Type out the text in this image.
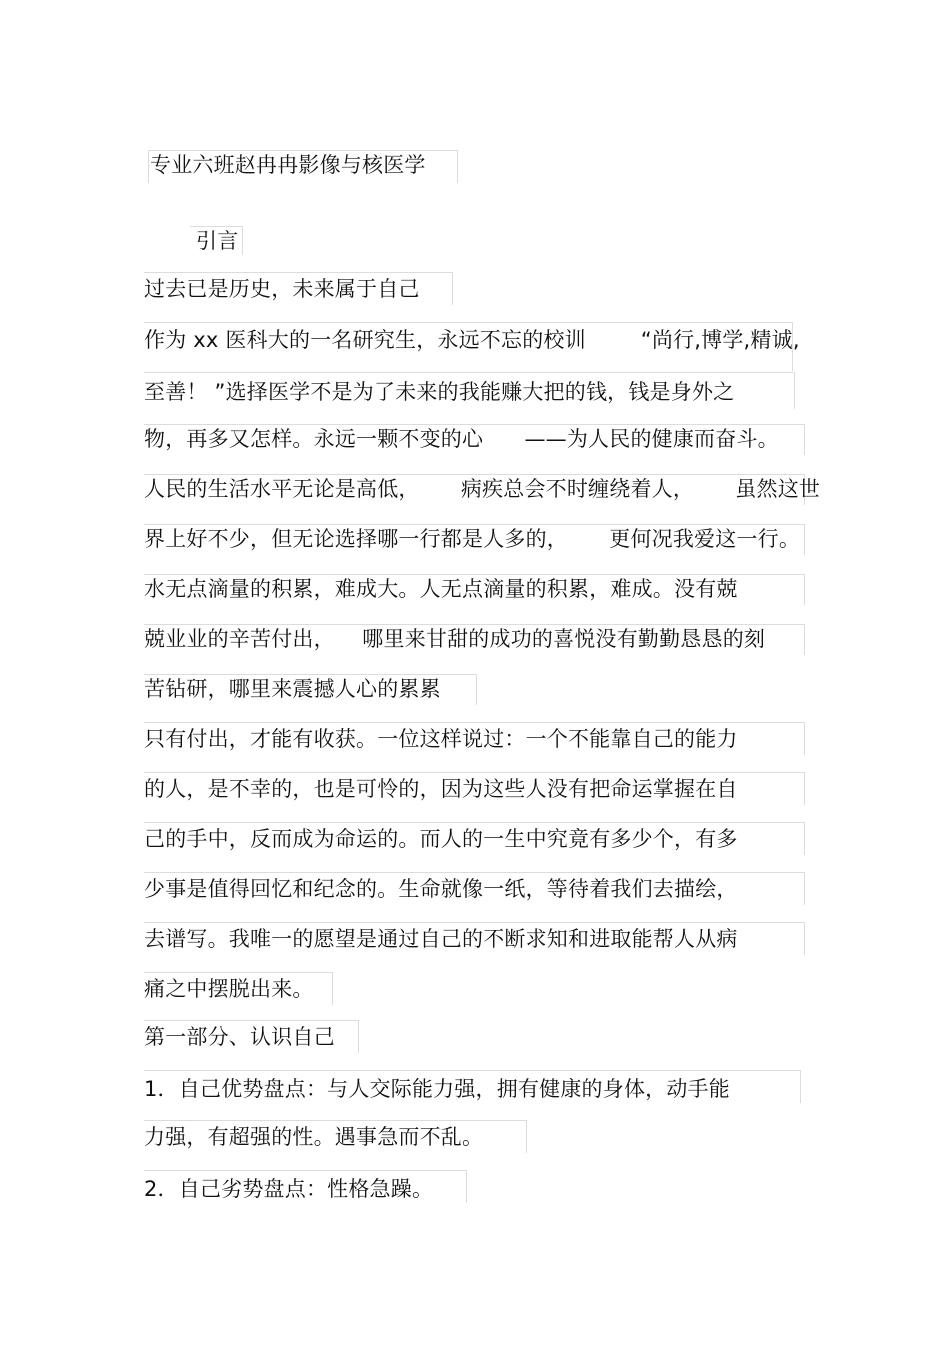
专业六班赵冉冉影像与核医学
引言
过去已是历史，未来属于自己
作为 xx 医科大的一名研究生，永远不忘的校训        “尚行,博学,精诚,
至善！ ”选择医学不是为了未来的我能赚大把的钱，钱是身外之
物，再多又怎样。永远一颗不变的心      ——为人民的健康而奋斗。
人民的生活水平无论是高低，      病疾总会不时缠绕着人，      虽然这世
界上好不少，但无论选择哪一行都是人多的，      更何况我爱这一行。
水无点滴量的积累，难成大。人无点滴量的积累，难成。没有兢
兢业业的辛苦付出，    哪里来甘甜的成功的喜悦没有勤勤恳恳的刻
苦钻研，哪里来震撼人心的累累
只有付出，才能有收获。一位这样说过：一个不能靠自己的能力
的人，是不幸的，也是可怜的，因为这些人没有把命运掌握在自
己的手中，反而成为命运的。而人的一生中究竟有多少个，有多
少事是值得回忆和纪念的。生命就像一纸，等待着我们去描绘，
去谱写。我唯一的愿望是通过自己的不断求知和进取能帮人从病
痛之中摆脱出来。
第一部分、认识自己
1．自己优势盘点：与人交际能力强，拥有健康的身体，动手能
力强，有超强的性。遇事急而不乱。
2．自己劣势盘点：性格急躁。
